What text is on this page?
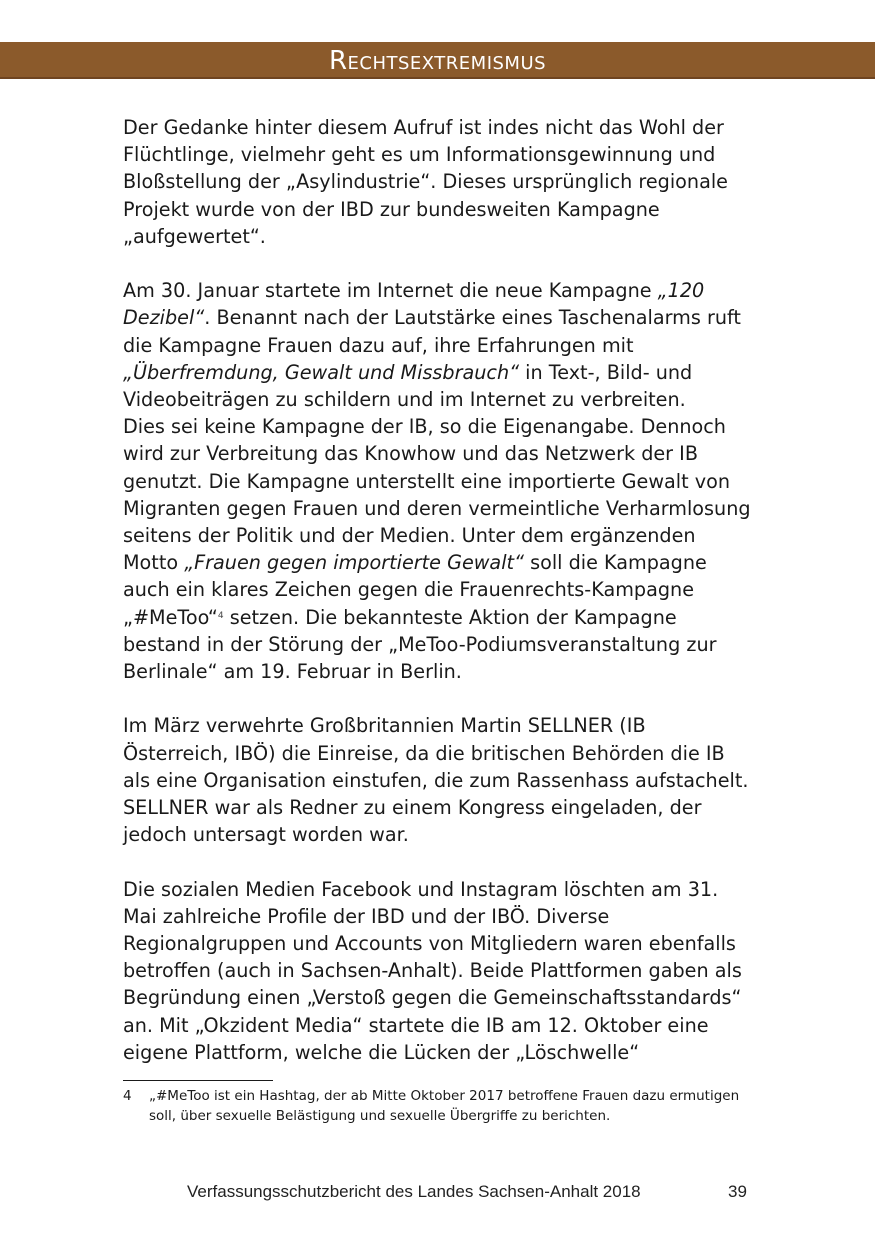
Rechtsextremismus

Der Gedanke hinter diesem Aufruf ist indes nicht das Wohl der Flüchtlinge, vielmehr geht es um Informationsgewinnung und Bloßstellung der „Asylindustrie“. Dieses ursprünglich regionale Projekt wurde von der IBD zur bundesweiten Kampagne „aufgewertet“.

Am 30. Januar startete im Internet die neue Kampagne „120 Dezibel“. Benannt nach der Lautstärke eines Taschenalarms ruft die Kampagne Frauen dazu auf, ihre Erfahrungen mit „Überfremdung, Gewalt und Missbrauch“ in Text-, Bild- und Videobeiträgen zu schildern und im Internet zu verbreiten.

Dies sei keine Kampagne der IB, so die Eigenangabe. Dennoch wird zur Verbreitung das Knowhow und das Netzwerk der IB genutzt. Die Kampagne unterstellt eine importierte Gewalt von Migranten gegen Frauen und deren vermeintliche Verharmlosung seitens der Politik und der Medien. Unter dem ergänzenden Motto „Frauen gegen importierte Gewalt“ soll die Kampagne auch ein klares Zeichen gegen die Frauenrechts-Kampagne „#MeToo“$^4$ setzen. Die bekannteste Aktion der Kampagne bestand in der Störung der „MeToo-Podiumsveranstaltung zur Berlinale“ am 19. Februar in Berlin.

Im März verwehrte Großbritannien Martin SELLNER (IB Österreich, IBÖ) die Einreise, da die britischen Behörden die IB als eine Organisation einstufen, die zum Rassenhass aufstachelt. SELLNER war als Redner zu einem Kongress eingeladen, der jedoch untersagt worden war.

Die sozialen Medien Facebook und Instagram löschten am 31. Mai zahlreiche Profile der IBD und der IBÖ. Diverse Regionalgruppen und Accounts von Mitgliedern waren ebenfalls betroffen (auch in Sachsen-Anhalt). Beide Plattformen gaben als Begründung einen „Verstoß gegen die Gemeinschaftsstandards“ an. Mit „Okzident Media“ startete die IB am 12. Oktober eine eigene Plattform, welche die Lücken der „Löschwelle“

4	„#MeToo ist ein Hashtag, der ab Mitte Oktober 2017 betroffene Frauen dazu ermutigen soll, über sexuelle Belästigung und sexuelle Übergriffe zu berichten.
Verfassungsschutzbericht des Landes Sachsen-Anhalt 2018	39
